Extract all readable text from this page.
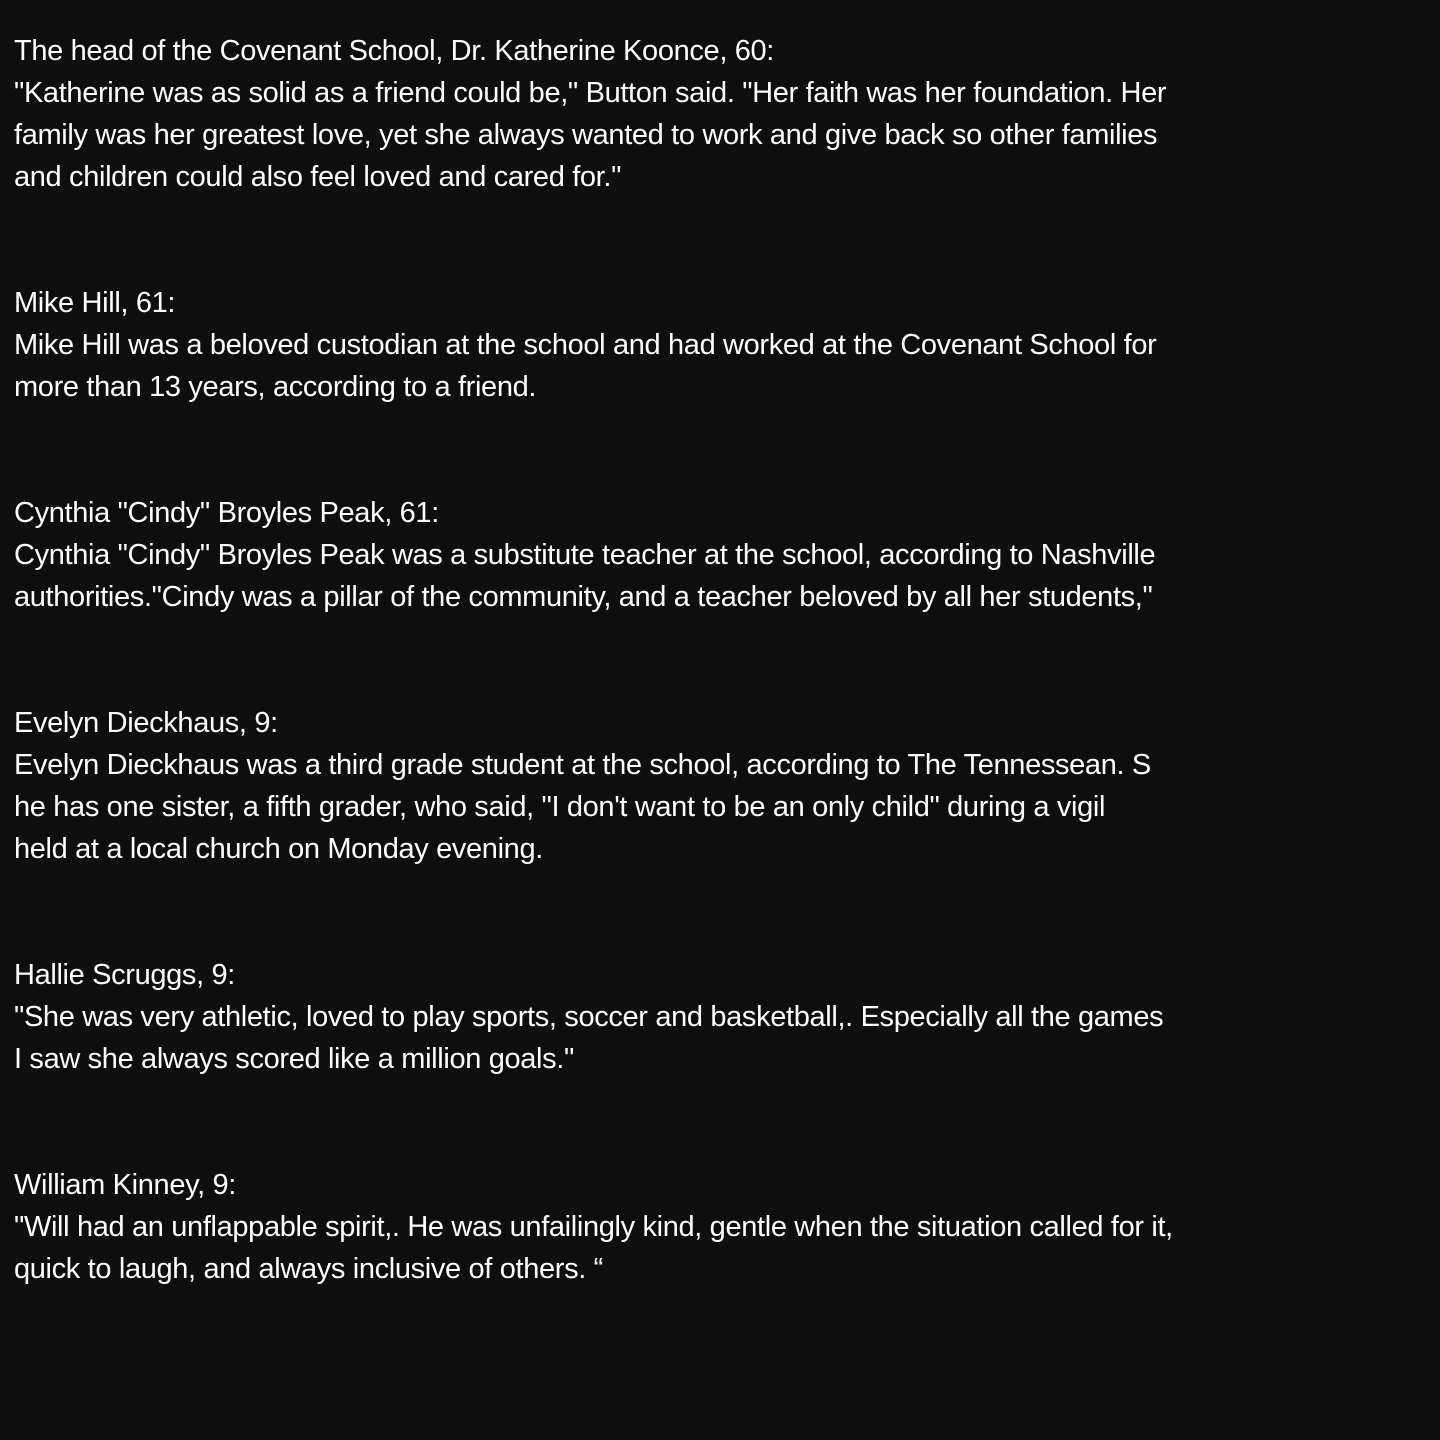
The head of the Covenant School, Dr. Katherine Koonce, 60:

"Katherine was as solid as a friend could be," Button said. "Her faith was her foundation. Her

family was her greatest love, yet she always wanted to work and give back so other families

and children could also feel loved and cared for."

Mike Hill, 61:

Mike Hill was a beloved custodian at the school and had worked at the Covenant School for

more than 13 years, according to a friend.

Cynthia "Cindy" Broyles Peak, 61:

Cynthia "Cindy" Broyles Peak was a substitute teacher at the school, according to Nashville

authorities."Cindy was a pillar of the community, and a teacher beloved by all her students,"

Evelyn Dieckhaus, 9:

Evelyn Dieckhaus was a third grade student at the school, according to The Tennessean. S

he has one sister, a fifth grader, who said, "I don't want to be an only child" during a vigil

held at a local church on Monday evening.

Hallie Scruggs, 9:

"She was very athletic, loved to play sports, soccer and basketball,. Especially all the games

I saw she always scored like a million goals."

William Kinney, 9:

"Will had an unflappable spirit,. He was unfailingly kind, gentle when the situation called for it,

quick to laugh, and always inclusive of others. “
